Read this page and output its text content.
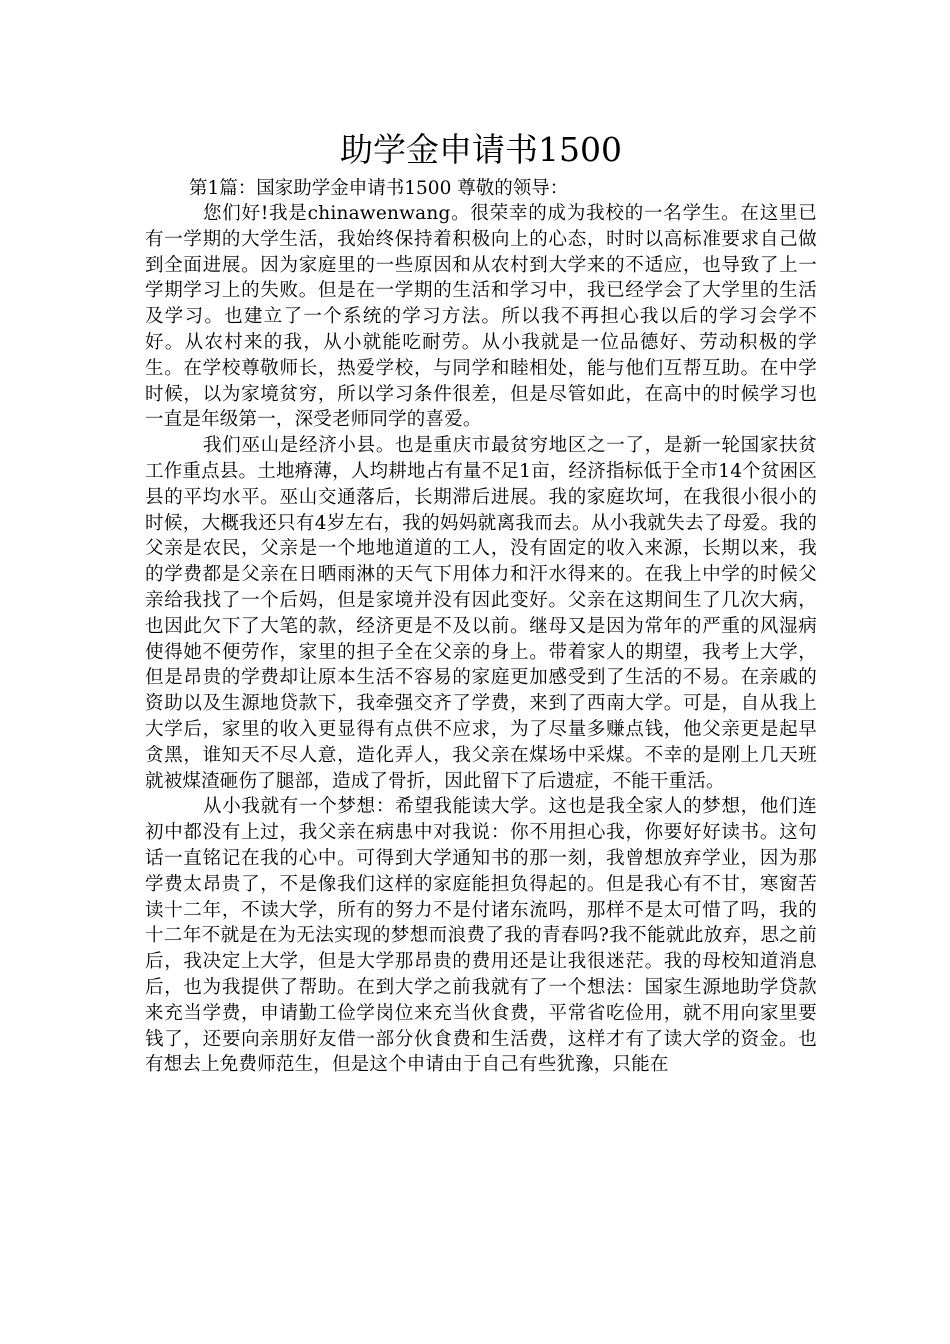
助学金申请书1500

第1篇：国家助学金申请书1500 尊敬的领导：

您们好!我是chinawenwang。很荣幸的成为我校的一名学生。在这里已有一学期的大学生活，我始终保持着积极向上的心态，时时以高标准要求自己做到全面进展。因为家庭里的一些原因和从农村到大学来的不适应，也导致了上一学期学习上的失败。但是在一学期的生活和学习中，我已经学会了大学里的生活及学习。也建立了一个系统的学习方法。所以我不再担心我以后的学习会学不好。从农村来的我，从小就能吃耐劳。从小我就是一位品德好、劳动积极的学生。在学校尊敬师长，热爱学校，与同学和睦相处，能与他们互帮互助。在中学时候，以为家境贫穷，所以学习条件很差，但是尽管如此，在高中的时候学习也一直是年级第一，深受老师同学的喜爱。

我们巫山是经济小县。也是重庆市最贫穷地区之一了，是新一轮国家扶贫工作重点县。土地瘠薄，人均耕地占有量不足1亩，经济指标低于全市14个贫困区县的平均水平。巫山交通落后，长期滞后进展。我的家庭坎坷，在我很小很小的时候，大概我还只有4岁左右，我的妈妈就离我而去。从小我就失去了母爱。我的父亲是农民，父亲是一个地地道道的工人，没有固定的收入来源，长期以来，我的学费都是父亲在日晒雨淋的天气下用体力和汗水得来的。在我上中学的时候父亲给我找了一个后妈，但是家境并没有因此变好。父亲在这期间生了几次大病，也因此欠下了大笔的款，经济更是不及以前。继母又是因为常年的严重的风湿病使得她不便劳作，家里的担子全在父亲的身上。带着家人的期望，我考上大学，但是昂贵的学费却让原本生活不容易的家庭更加感受到了生活的不易。在亲戚的资助以及生源地贷款下，我牵强交齐了学费，来到了西南大学。可是，自从我上大学后，家里的收入更显得有点供不应求，为了尽量多赚点钱，他父亲更是起早贪黑，谁知天不尽人意，造化弄人，我父亲在煤场中采煤。不幸的是刚上几天班就被煤渣砸伤了腿部，造成了骨折，因此留下了后遗症，不能干重活。

从小我就有一个梦想：希望我能读大学。这也是我全家人的梦想，他们连初中都没有上过，我父亲在病患中对我说：你不用担心我，你要好好读书。这句话一直铭记在我的心中。可得到大学通知书的那一刻，我曾想放弃学业，因为那学费太昂贵了，不是像我们这样的家庭能担负得起的。但是我心有不甘，寒窗苦读十二年，不读大学，所有的努力不是付诸东流吗，那样不是太可惜了吗，我的十二年不就是在为无法实现的梦想而浪费了我的青春吗?我不能就此放弃，思之前后，我决定上大学，但是大学那昂贵的费用还是让我很迷茫。我的母校知道消息后，也为我提供了帮助。在到大学之前我就有了一个想法：国家生源地助学贷款来充当学费，申请勤工俭学岗位来充当伙食费，平常省吃俭用，就不用向家里要钱了，还要向亲朋好友借一部分伙食费和生活费，这样才有了读大学的资金。也有想去上免费师范生，但是这个申请由于自己有些犹豫，只能在
